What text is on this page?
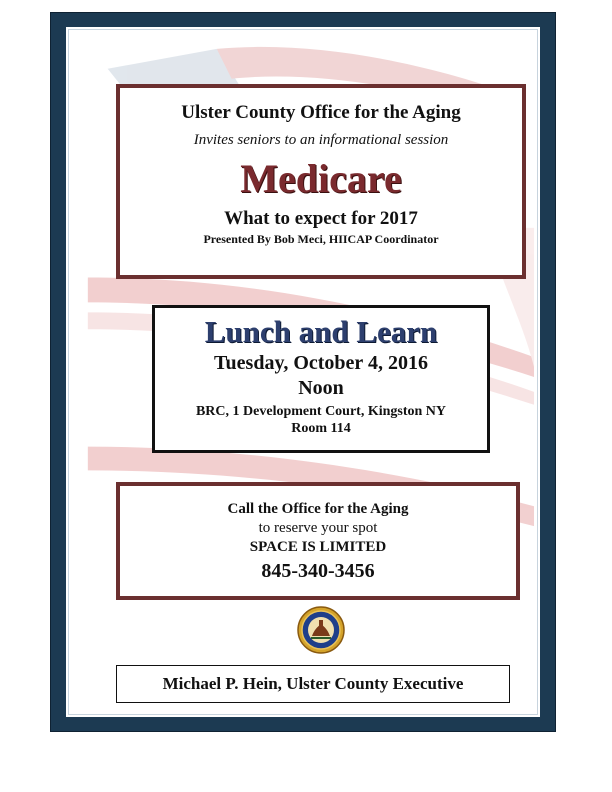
Ulster County Office for the Aging
Invites seniors to an informational session
Medicare
What to expect for 2017
Presented By Bob Meci, HIICAP Coordinator
Lunch and Learn
Tuesday, October 4, 2016
Noon
BRC, 1 Development Court, Kingston NY
Room 114
Call the Office for the Aging
to reserve your spot
SPACE IS LIMITED
845-340-3456
Michael P. Hein, Ulster County Executive
